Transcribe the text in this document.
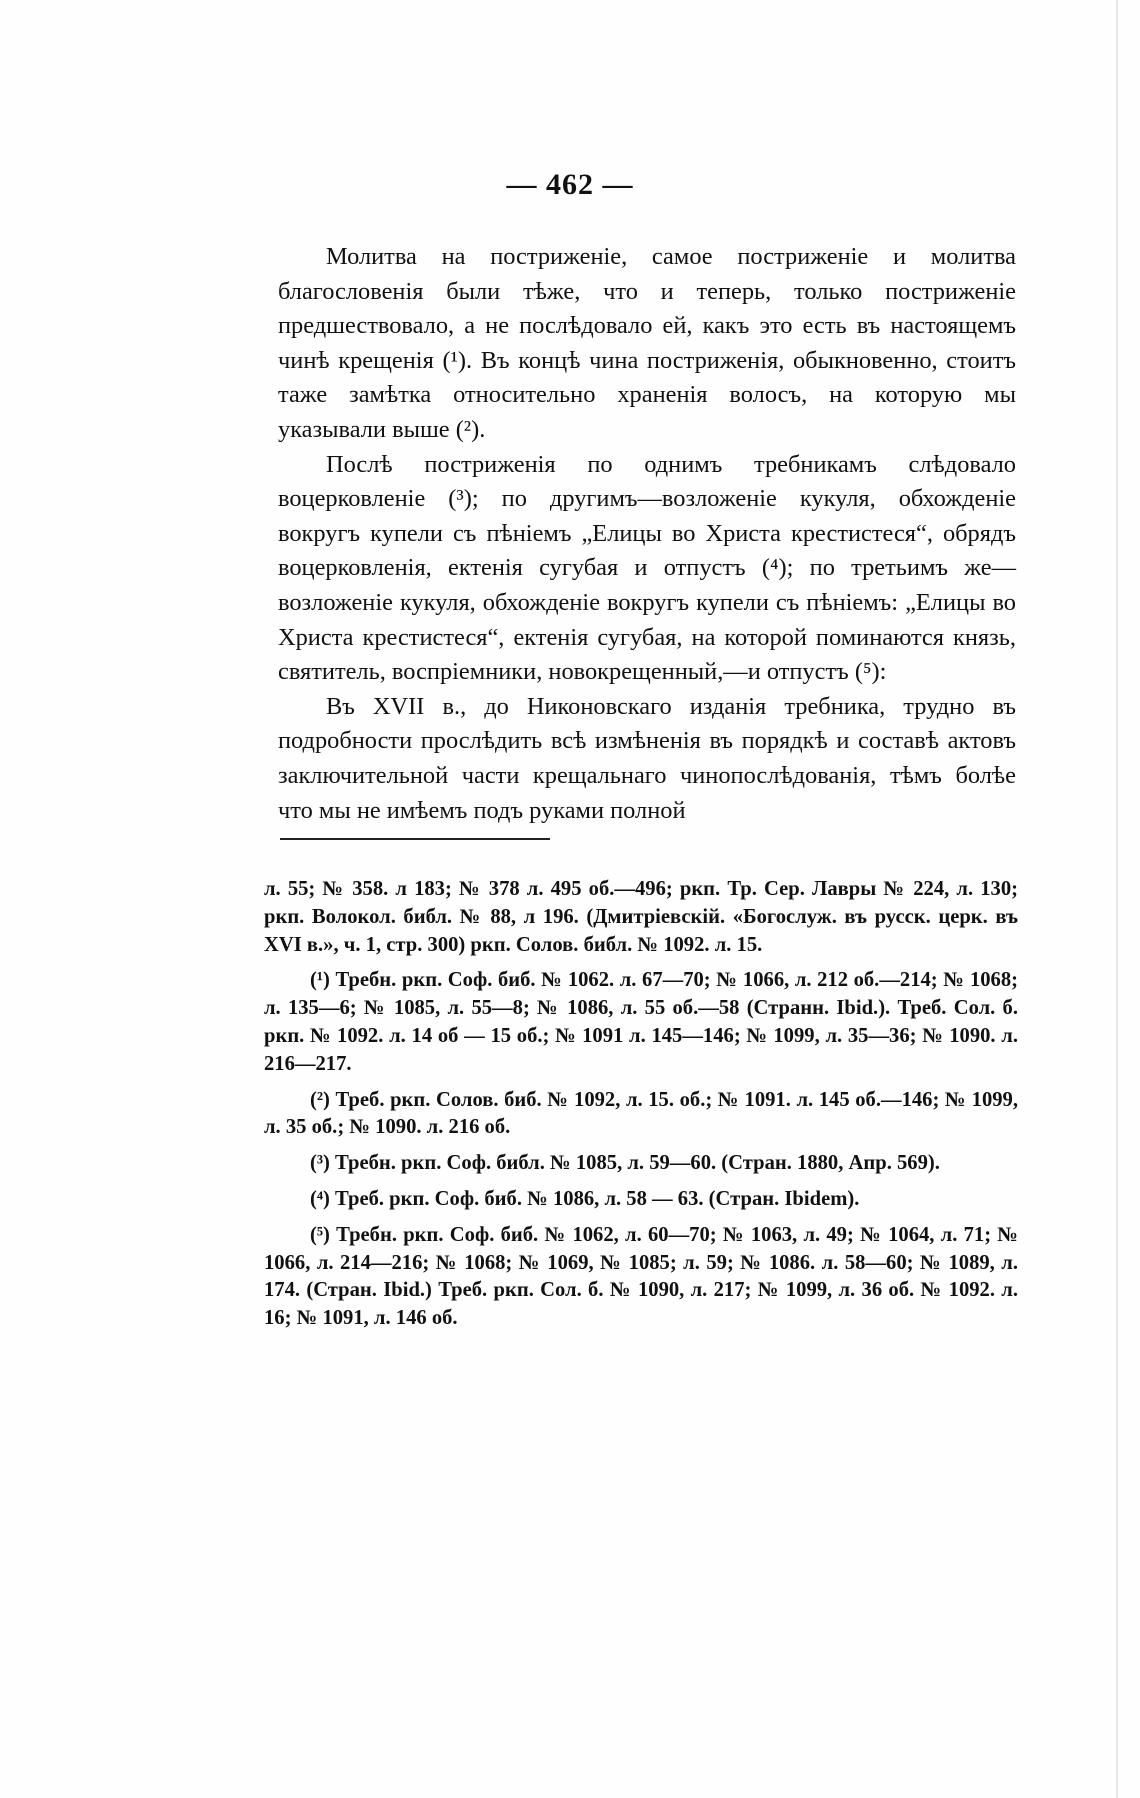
— 462 —

Молитва на постриженіе, самое постриженіе и молитва благословенія были тѣже, что и теперь, только постриженіе предшествовало, а не послѣдовало ей, какъ это есть въ настоящемъ чинѣ крещенія (¹). Въ концѣ чина постриженія, обыкновенно, стоитъ таже замѣтка относительно храненія волосъ, на которую мы указывали выше (²).

Послѣ постриженія по однимъ требникамъ слѣдовало воцерковленіе (³); по другимъ—возложеніе кукуля, обхожденіе вокругъ купели съ пѣніемъ „Елицы во Христа крестистеся“, обрядъ воцерковленія, ектенія сугубая и отпустъ (⁴); по третьимъ же—возложеніе кукуля, обхожденіе вокругъ купели съ пѣніемъ: „Елицы во Христа крестистеся“, ектенія сугубая, на которой поминаются князь, святитель, воспріемники, новокрещенный,—и отпустъ (⁵):

Въ XVII в., до Никоновскаго изданія требника, трудно въ подробности прослѣдить всѣ измѣненія въ порядкѣ и составѣ актовъ заключительной части крещальнаго чинопослѣдованія, тѣмъ болѣе что мы не имѣемъ подъ руками полной

л. 55; № 358. л 183; № 378 л. 495 об.—496; ркп. Тр. Сер. Лавры № 224, л. 130; ркп. Волокол. библ. № 88, л 196. (Дмитріевскій. «Богослуж. въ русск. церк. въ XVI в.», ч. 1, стр. 300) ркп. Солов. библ. № 1092. л. 15.

(¹) Требн. ркп. Соф. биб. № 1062. л. 67—70; № 1066, л. 212 об.—214; № 1068; л. 135—6; № 1085, л. 55—8; № 1086, л. 55 об.—58 (Странн. Ibid.). Треб. Сол. б. ркп. № 1092. л. 14 об — 15 об.; № 1091 л. 145—146; № 1099, л. 35—36; № 1090. л. 216—217.

(²) Треб. ркп. Солов. биб. № 1092, л. 15. об.; № 1091. л. 145 об.—146; № 1099, л. 35 об.; № 1090. л. 216 об.

(³) Требн. ркп. Соф. библ. № 1085, л. 59—60. (Стран. 1880, Апр. 569).

(⁴) Треб. ркп. Соф. биб. № 1086, л. 58 — 63. (Стран. Ibidem).

(⁵) Требн. ркп. Соф. биб. № 1062, л. 60—70; № 1063, л. 49; № 1064, л. 71; № 1066, л. 214—216; № 1068; № 1069, № 1085; л. 59; № 1086. л. 58—60; № 1089, л. 174. (Стран. Ibid.) Треб. ркп. Сол. б. № 1090, л. 217; № 1099, л. 36 об. № 1092. л. 16; № 1091, л. 146 об.
